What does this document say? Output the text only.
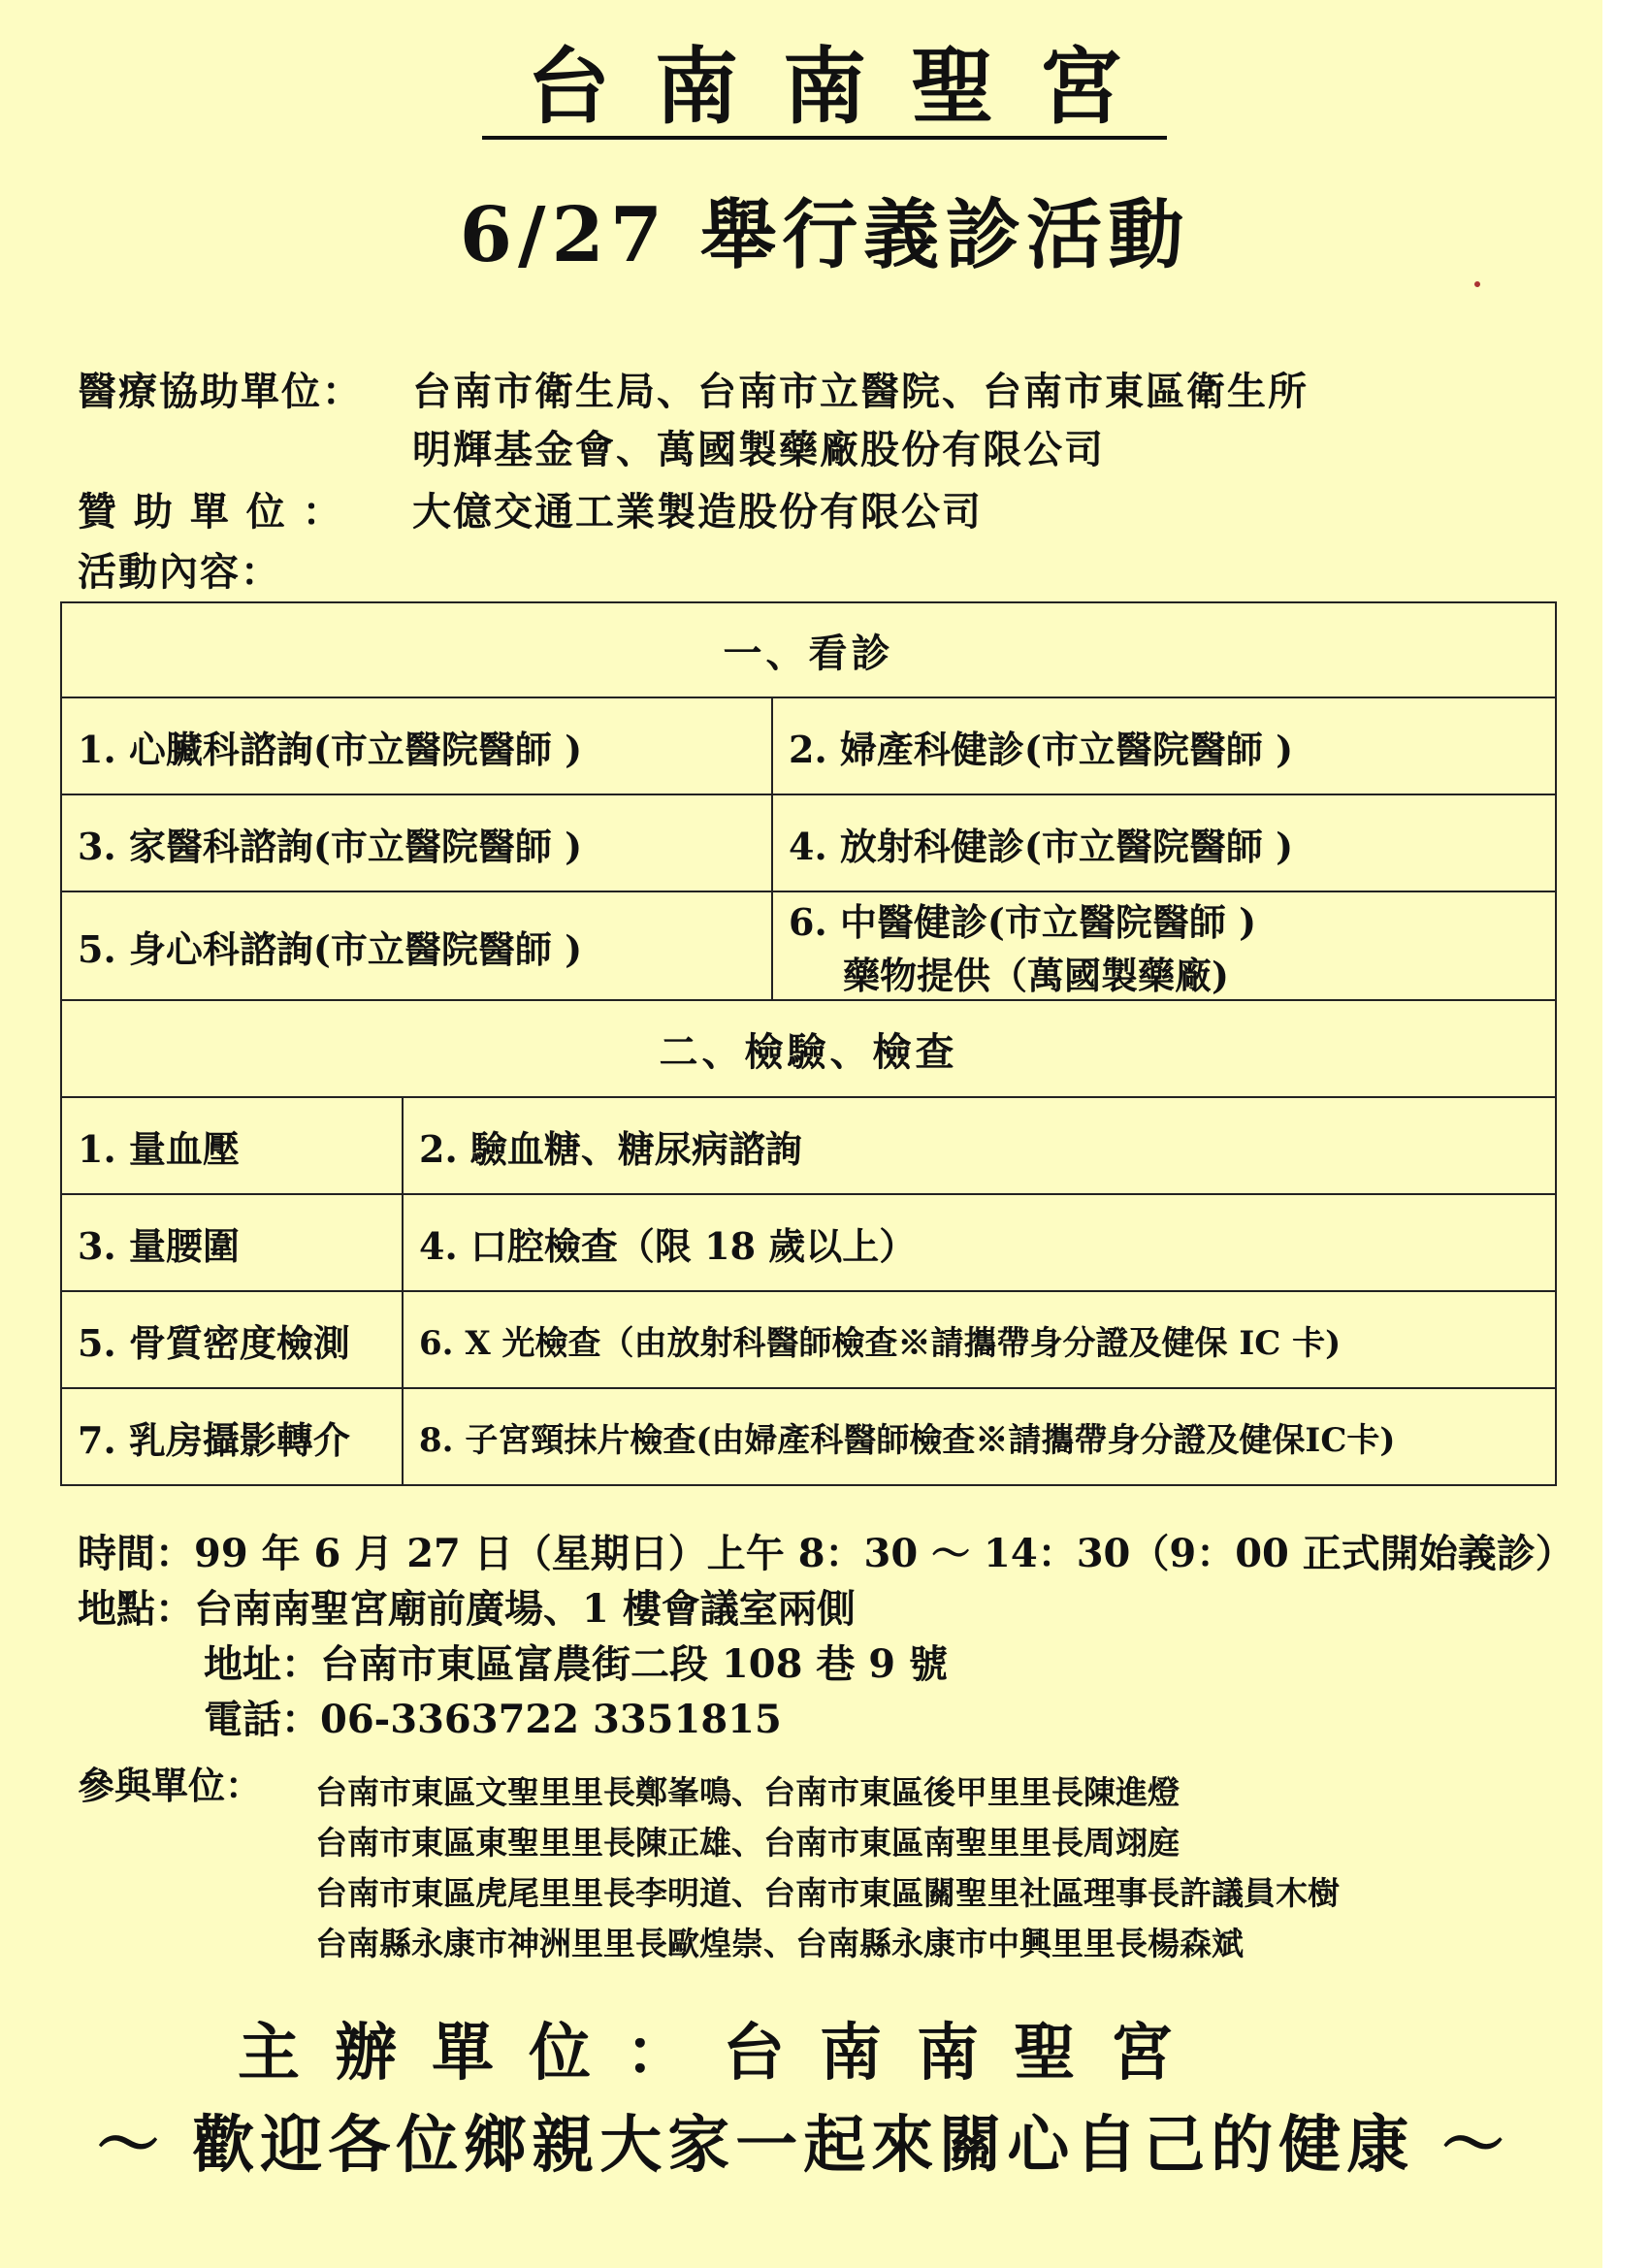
台南南聖宮
6/27 舉行義診活動
醫療協助單位： 台南市衛生局、台南市立醫院、台南市東區衛生所
明輝基金會、萬國製藥廠股份有限公司
贊 助 單 位 ： 大億交通工業製造股份有限公司
活動內容：
一、看診		
1. 心臟科諮詢(市立醫院醫師 )		2. 婦產科健診(市立醫院醫師 )
3. 家醫科諮詢(市立醫院醫師 )		4. 放射科健診(市立醫院醫師 )
5. 身心科諮詢(市立醫院醫師 )		6. 中醫健診(市立醫院醫師 )
藥物提供（萬國製藥廠)

二、檢驗、檢查		
1. 量血壓	2. 驗血糖、糖尿病諮詢	
3. 量腰圍	4. 口腔檢查（限 18 歲以上）	
5. 骨質密度檢測	6. X 光檢查（由放射科醫師檢查※請攜帶身分證及健保 IC 卡)	
7. 乳房攝影轉介	8. 子宮頸抹片檢查(由婦產科醫師檢查※請攜帶身分證及健保IC卡)	
時間：99 年 6 月 27 日（星期日）上午 8：30 ～ 14：30（9：00 正式開始義診）
地點：台南南聖宮廟前廣場、1 樓會議室兩側
地址：台南市東區富農街二段 108 巷 9 號
電話：06-3363722 3351815
參與單位： 台南市東區文聖里里長鄭峯鳴、台南市東區後甲里里長陳進燈
台南市東區東聖里里長陳正雄、台南市東區南聖里里長周翊庭
台南市東區虎尾里里長李明道、台南市東區關聖里社區理事長許議員木樹
台南縣永康市神洲里里長歐煌崇、台南縣永康市中興里里長楊森斌
主辦單位：台南南聖宮
～ 歡迎各位鄉親大家一起來關心自己的健康 ～
